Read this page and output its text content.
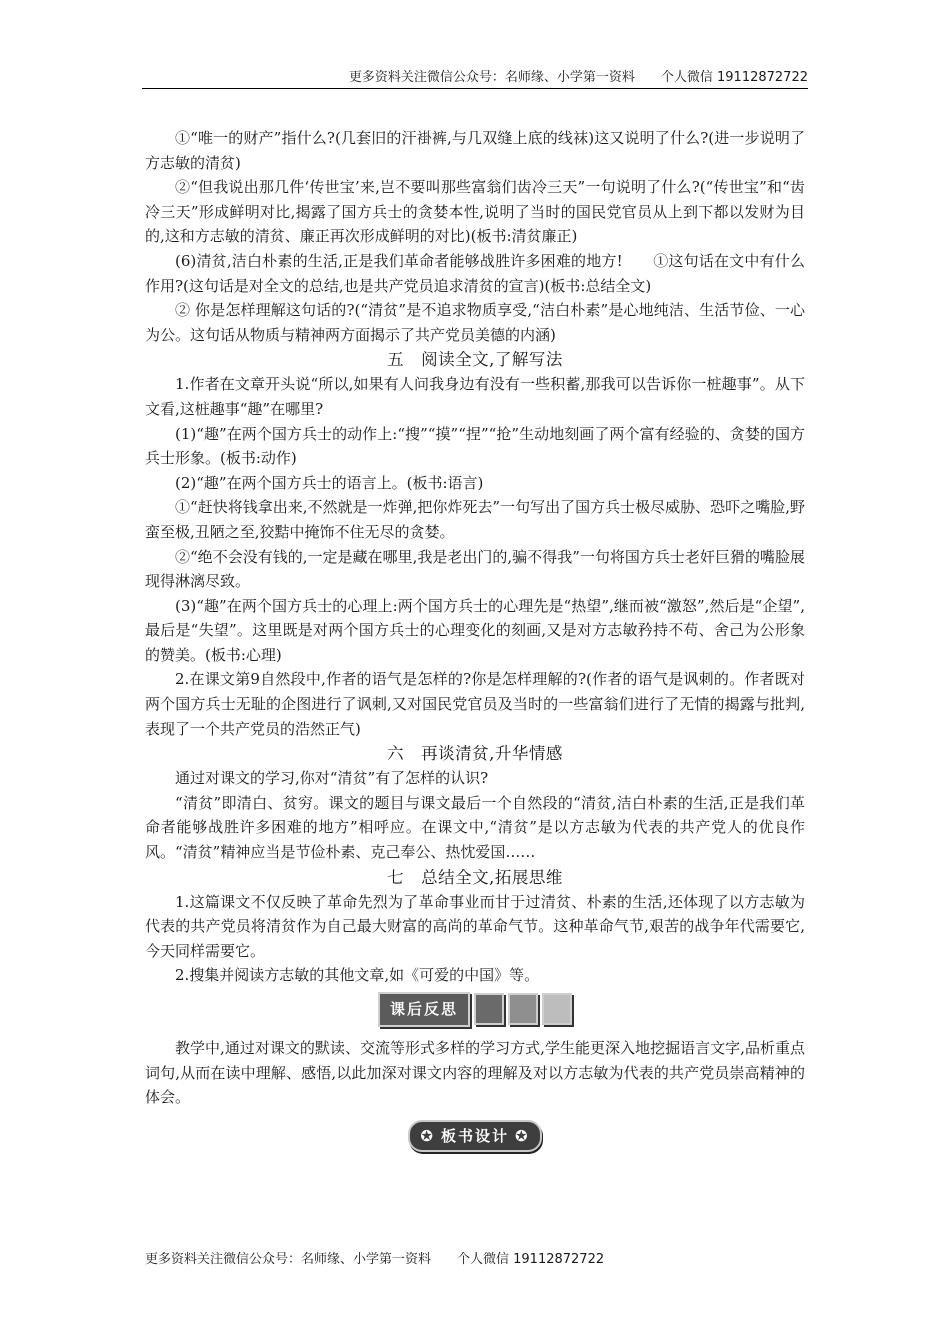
更多资料关注微信公众号：名师缘、小学第一资料　　个人微信 19112872722

①“唯一的财产”指什么?(几套旧的汗褂裤,与几双缝上底的线袜)这又说明了什么?(进一步说明了方志敏的清贫)

②“但我说出那几件‘传世宝’来,岂不要叫那些富翁们齿冷三天”一句说明了什么?(“传世宝”和“齿冷三天”形成鲜明对比,揭露了国方兵士的贪婪本性,说明了当时的国民党官员从上到下都以发财为目的,这和方志敏的清贫、廉正再次形成鲜明的对比)(板书:清贫廉正)

(6)清贫,洁白朴素的生活,正是我们革命者能够战胜许多困难的地方!　　①这句话在文中有什么作用?(这句话是对全文的总结,也是共产党员追求清贫的宣言)(板书:总结全文)

② 你是怎样理解这句话的?(“清贫”是不追求物质享受,“洁白朴素”是心地纯洁、生活节俭、一心为公。这句话从物质与精神两方面揭示了共产党员美德的内涵)

五　阅读全文,了解写法

1.作者在文章开头说“所以,如果有人问我身边有没有一些积蓄,那我可以告诉你一桩趣事”。从下文看,这桩趣事“趣”在哪里?

(1)“趣”在两个国方兵士的动作上:“搜”“摸”“捏”“抢”生动地刻画了两个富有经验的、贪婪的国方兵士形象。(板书:动作)

(2)“趣”在两个国方兵士的语言上。(板书:语言)

①“赶快将钱拿出来,不然就是一炸弹,把你炸死去”一句写出了国方兵士极尽威胁、恐吓之嘴脸,野蛮至极,丑陋之至,狡黠中掩饰不住无尽的贪婪。

②“绝不会没有钱的,一定是藏在哪里,我是老出门的,骗不得我”一句将国方兵士老奸巨猾的嘴脸展现得淋漓尽致。

(3)“趣”在两个国方兵士的心理上:两个国方兵士的心理先是“热望”,继而被“激怒”,然后是“企望”,最后是“失望”。这里既是对两个国方兵士的心理变化的刻画,又是对方志敏矜持不苟、舍己为公形象的赞美。(板书:心理)

2.在课文第9自然段中,作者的语气是怎样的?你是怎样理解的?(作者的语气是讽刺的。作者既对两个国方兵士无耻的企图进行了讽刺,又对国民党官员及当时的一些富翁们进行了无情的揭露与批判,表现了一个共产党员的浩然正气)

六　再谈清贫,升华情感

通过对课文的学习,你对“清贫”有了怎样的认识?

“清贫”即清白、贫穷。课文的题目与课文最后一个自然段的“清贫,洁白朴素的生活,正是我们革命者能够战胜许多困难的地方”相呼应。在课文中,“清贫”是以方志敏为代表的共产党人的优良作风。“清贫”精神应当是节俭朴素、克己奉公、热忱爱国……

七　总结全文,拓展思维

1.这篇课文不仅反映了革命先烈为了革命事业而甘于过清贫、朴素的生活,还体现了以方志敏为代表的共产党员将清贫作为自己最大财富的高尚的革命气节。这种革命气节,艰苦的战争年代需要它,今天同样需要它。

2.搜集并阅读方志敏的其他文章,如《可爱的中国》等。

课后反思

教学中,通过对课文的默读、交流等形式多样的学习方式,学生能更深入地挖掘语言文字,品析重点词句,从而在读中理解、感悟,以此加深对课文内容的理解及对以方志敏为代表的共产党员崇高精神的体会。

✪ 板书设计 ✪
更多资料关注微信公众号：名师缘、小学第一资料　　个人微信 19112872722
